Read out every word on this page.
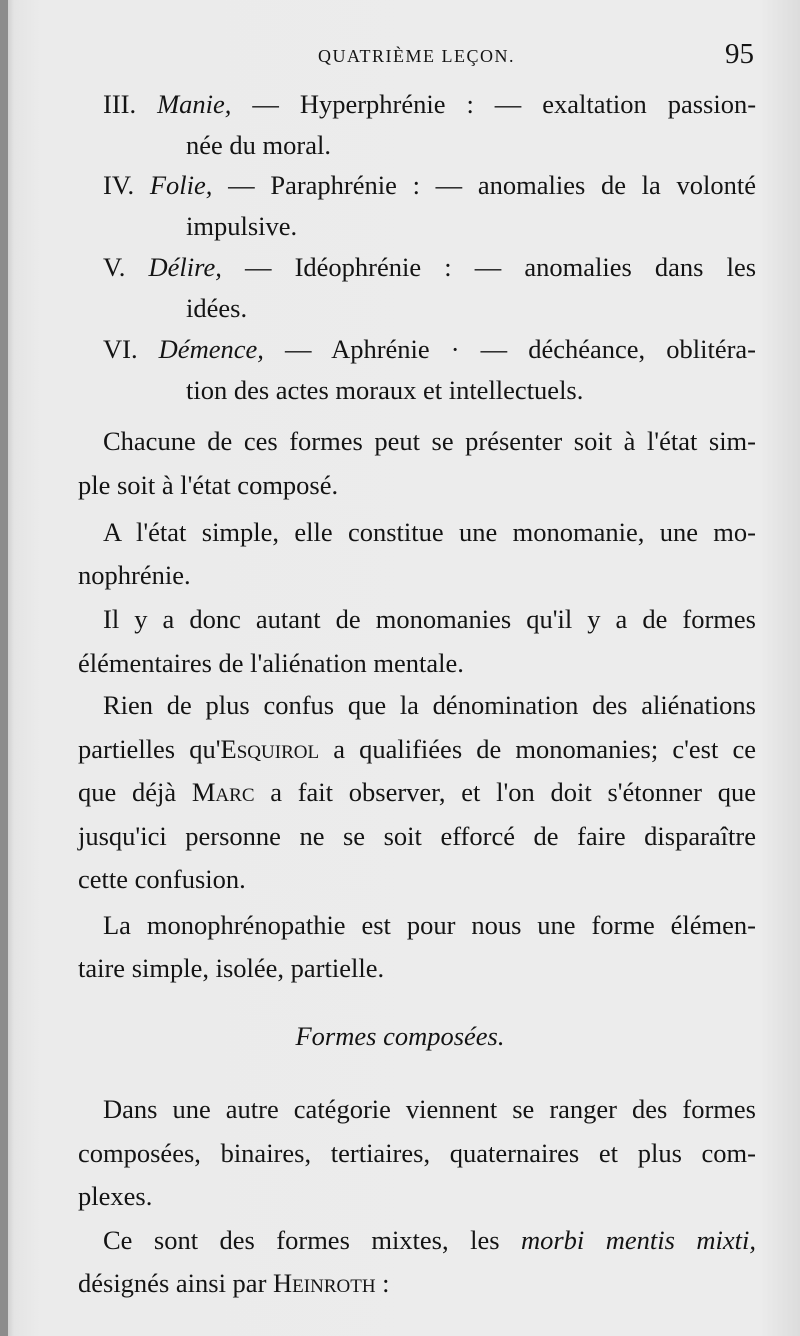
QUATRIÈME LEÇON.	95
III. Manie, — Hyperphrénie : — exaltation passion-
née du moral.
IV. Folie, — Paraphrénie : — anomalies de la volonté
impulsive.
V. Délire, — Idéophrénie : — anomalies dans les
idées.
VI. Démence, — Aphrénie · — déchéance, oblitéra-
tion des actes moraux et intellectuels.
Chacune de ces formes peut se présenter soit à l'état sim-
ple soit à l'état composé.
A l'état simple, elle constitue une monomanie, une mo-
nophrénie.
Il y a donc autant de monomanies qu'il y a de formes
élémentaires de l'aliénation mentale.
Rien de plus confus que la dénomination des aliénations
partielles qu'Esquirol a qualifiées de monomanies; c'est ce
que déjà Marc a fait observer, et l'on doit s'étonner que
jusqu'ici personne ne se soit efforcé de faire disparaître
cette confusion.
La monophrénopathie est pour nous une forme élémen-
taire simple, isolée, partielle.
Formes composées.
Dans une autre catégorie viennent se ranger des formes
composées, binaires, tertiaires, quaternaires et plus com-
plexes.
Ce sont des formes mixtes, les morbi mentis mixti,
désignés ainsi par Heinroth :
